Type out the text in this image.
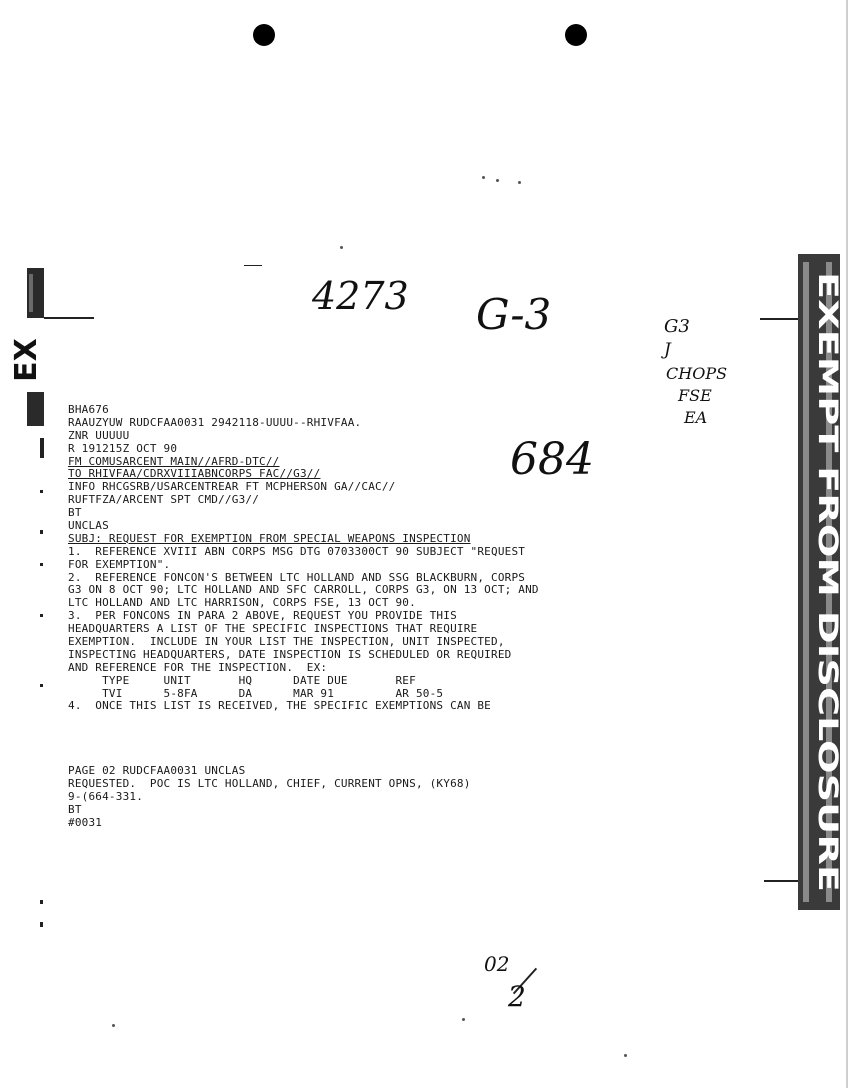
4273 G-3	G3
J
CHOPS
FSE
EA
684
02
2
EX	EXEMPT FROM DISCLOSURE
BHA676
RAAUZYUW RUDCFAA0031 2942118-UUUU--RHIVFAA.
ZNR UUUUU
R 191215Z OCT 90
FM COMUSARCENT MAIN//AFRD-DTC//
TO RHIVFAA/CDRXVIIIABNCORPS FAC//G3//
INFO RHCGSRB/USARCENTREAR FT MCPHERSON GA//CAC//
RUFTFZA/ARCENT SPT CMD//G3//
BT
UNCLAS
SUBJ: REQUEST FOR EXEMPTION FROM SPECIAL WEAPONS INSPECTION
1.  REFERENCE XVIII ABN CORPS MSG DTG 0703300CT 90 SUBJECT "REQUEST
FOR EXEMPTION".
2.  REFERENCE FONCON'S BETWEEN LTC HOLLAND AND SSG BLACKBURN, CORPS
G3 ON 8 OCT 90; LTC HOLLAND AND SFC CARROLL, CORPS G3, ON 13 OCT; AND
LTC HOLLAND AND LTC HARRISON, CORPS FSE, 13 OCT 90.
3.  PER FONCONS IN PARA 2 ABOVE, REQUEST YOU PROVIDE THIS
HEADQUARTERS A LIST OF THE SPECIFIC INSPECTIONS THAT REQUIRE
EXEMPTION.  INCLUDE IN YOUR LIST THE INSPECTION, UNIT INSPECTED,
INSPECTING HEADQUARTERS, DATE INSPECTION IS SCHEDULED OR REQUIRED
AND REFERENCE FOR THE INSPECTION.  EX:
TYPE     UNIT       HQ      DATE DUE       REF
TVI      5-8FA      DA      MAR 91         AR 50-5
4.  ONCE THIS LIST IS RECEIVED, THE SPECIFIC EXEMPTIONS CAN BE
PAGE 02 RUDCFAA0031 UNCLAS
REQUESTED.  POC IS LTC HOLLAND, CHIEF, CURRENT OPNS, (KY68)
9-(664-331.
BT
#0031
